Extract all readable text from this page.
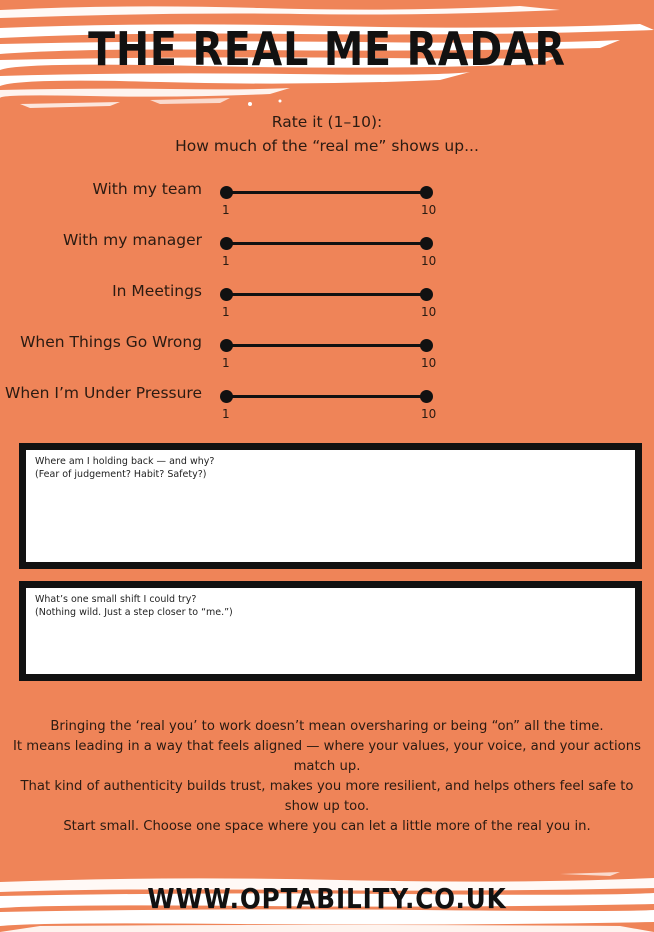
THE REAL ME RADAR
Rate it (1–10):
How much of the “real me” shows up...
With my team
1	10
With my manager
1	10
In Meetings
1	10
When Things Go Wrong
1	10
When I’m Under Pressure
1	10
Where am I holding back — and why?
(Fear of judgement? Habit? Safety?)
What’s one small shift I could try?
(Nothing wild. Just a step closer to “me.”)

Bringing the ‘real you’ to work doesn’t mean oversharing or being “on” all the time.

It means leading in a way that feels aligned — where your values, your voice, and your actions match up.

That kind of authenticity builds trust, makes you more resilient, and helps others feel safe to show up too.

Start small. Choose one space where you can let a little more of the real you in.

WWW.OPTABILITY.CO.UK
